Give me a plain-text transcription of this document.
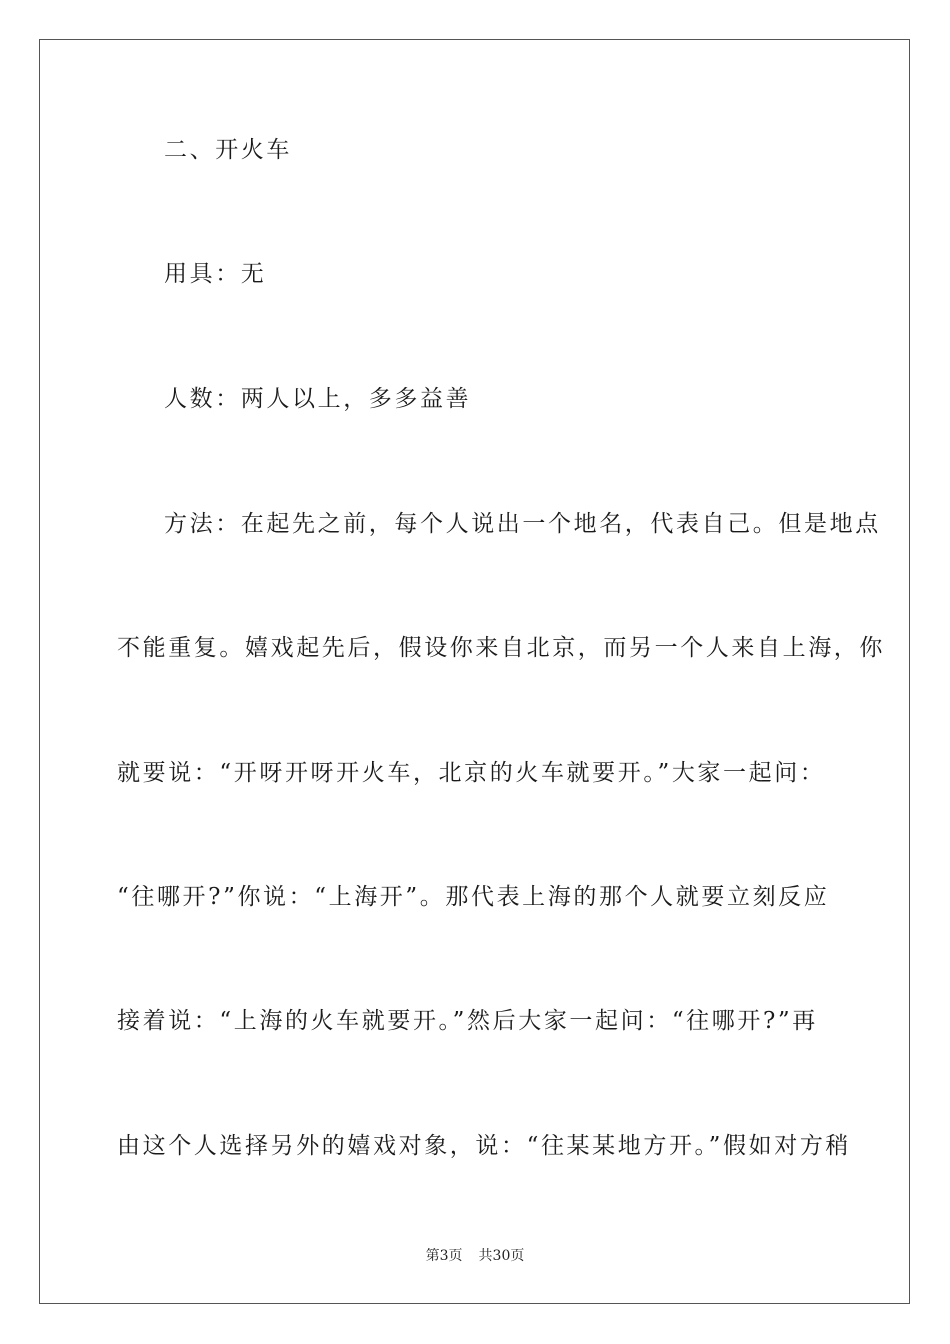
二、开火车
用具：无
人数：两人以上，多多益善
方法：在起先之前，每个人说出一个地名，代表自己。但是地点
不能重复。嬉戏起先后，假设你来自北京，而另一个人来自上海，你
就要说：“开呀开呀开火车，北京的火车就要开。”大家一起问：
“往哪开?”你说：“上海开”。那代表上海的那个人就要立刻反应
接着说：“上海的火车就要开。”然后大家一起问：“往哪开?”再
由这个人选择另外的嬉戏对象，说：“往某某地方开。”假如对方稍
第3页 共30页
